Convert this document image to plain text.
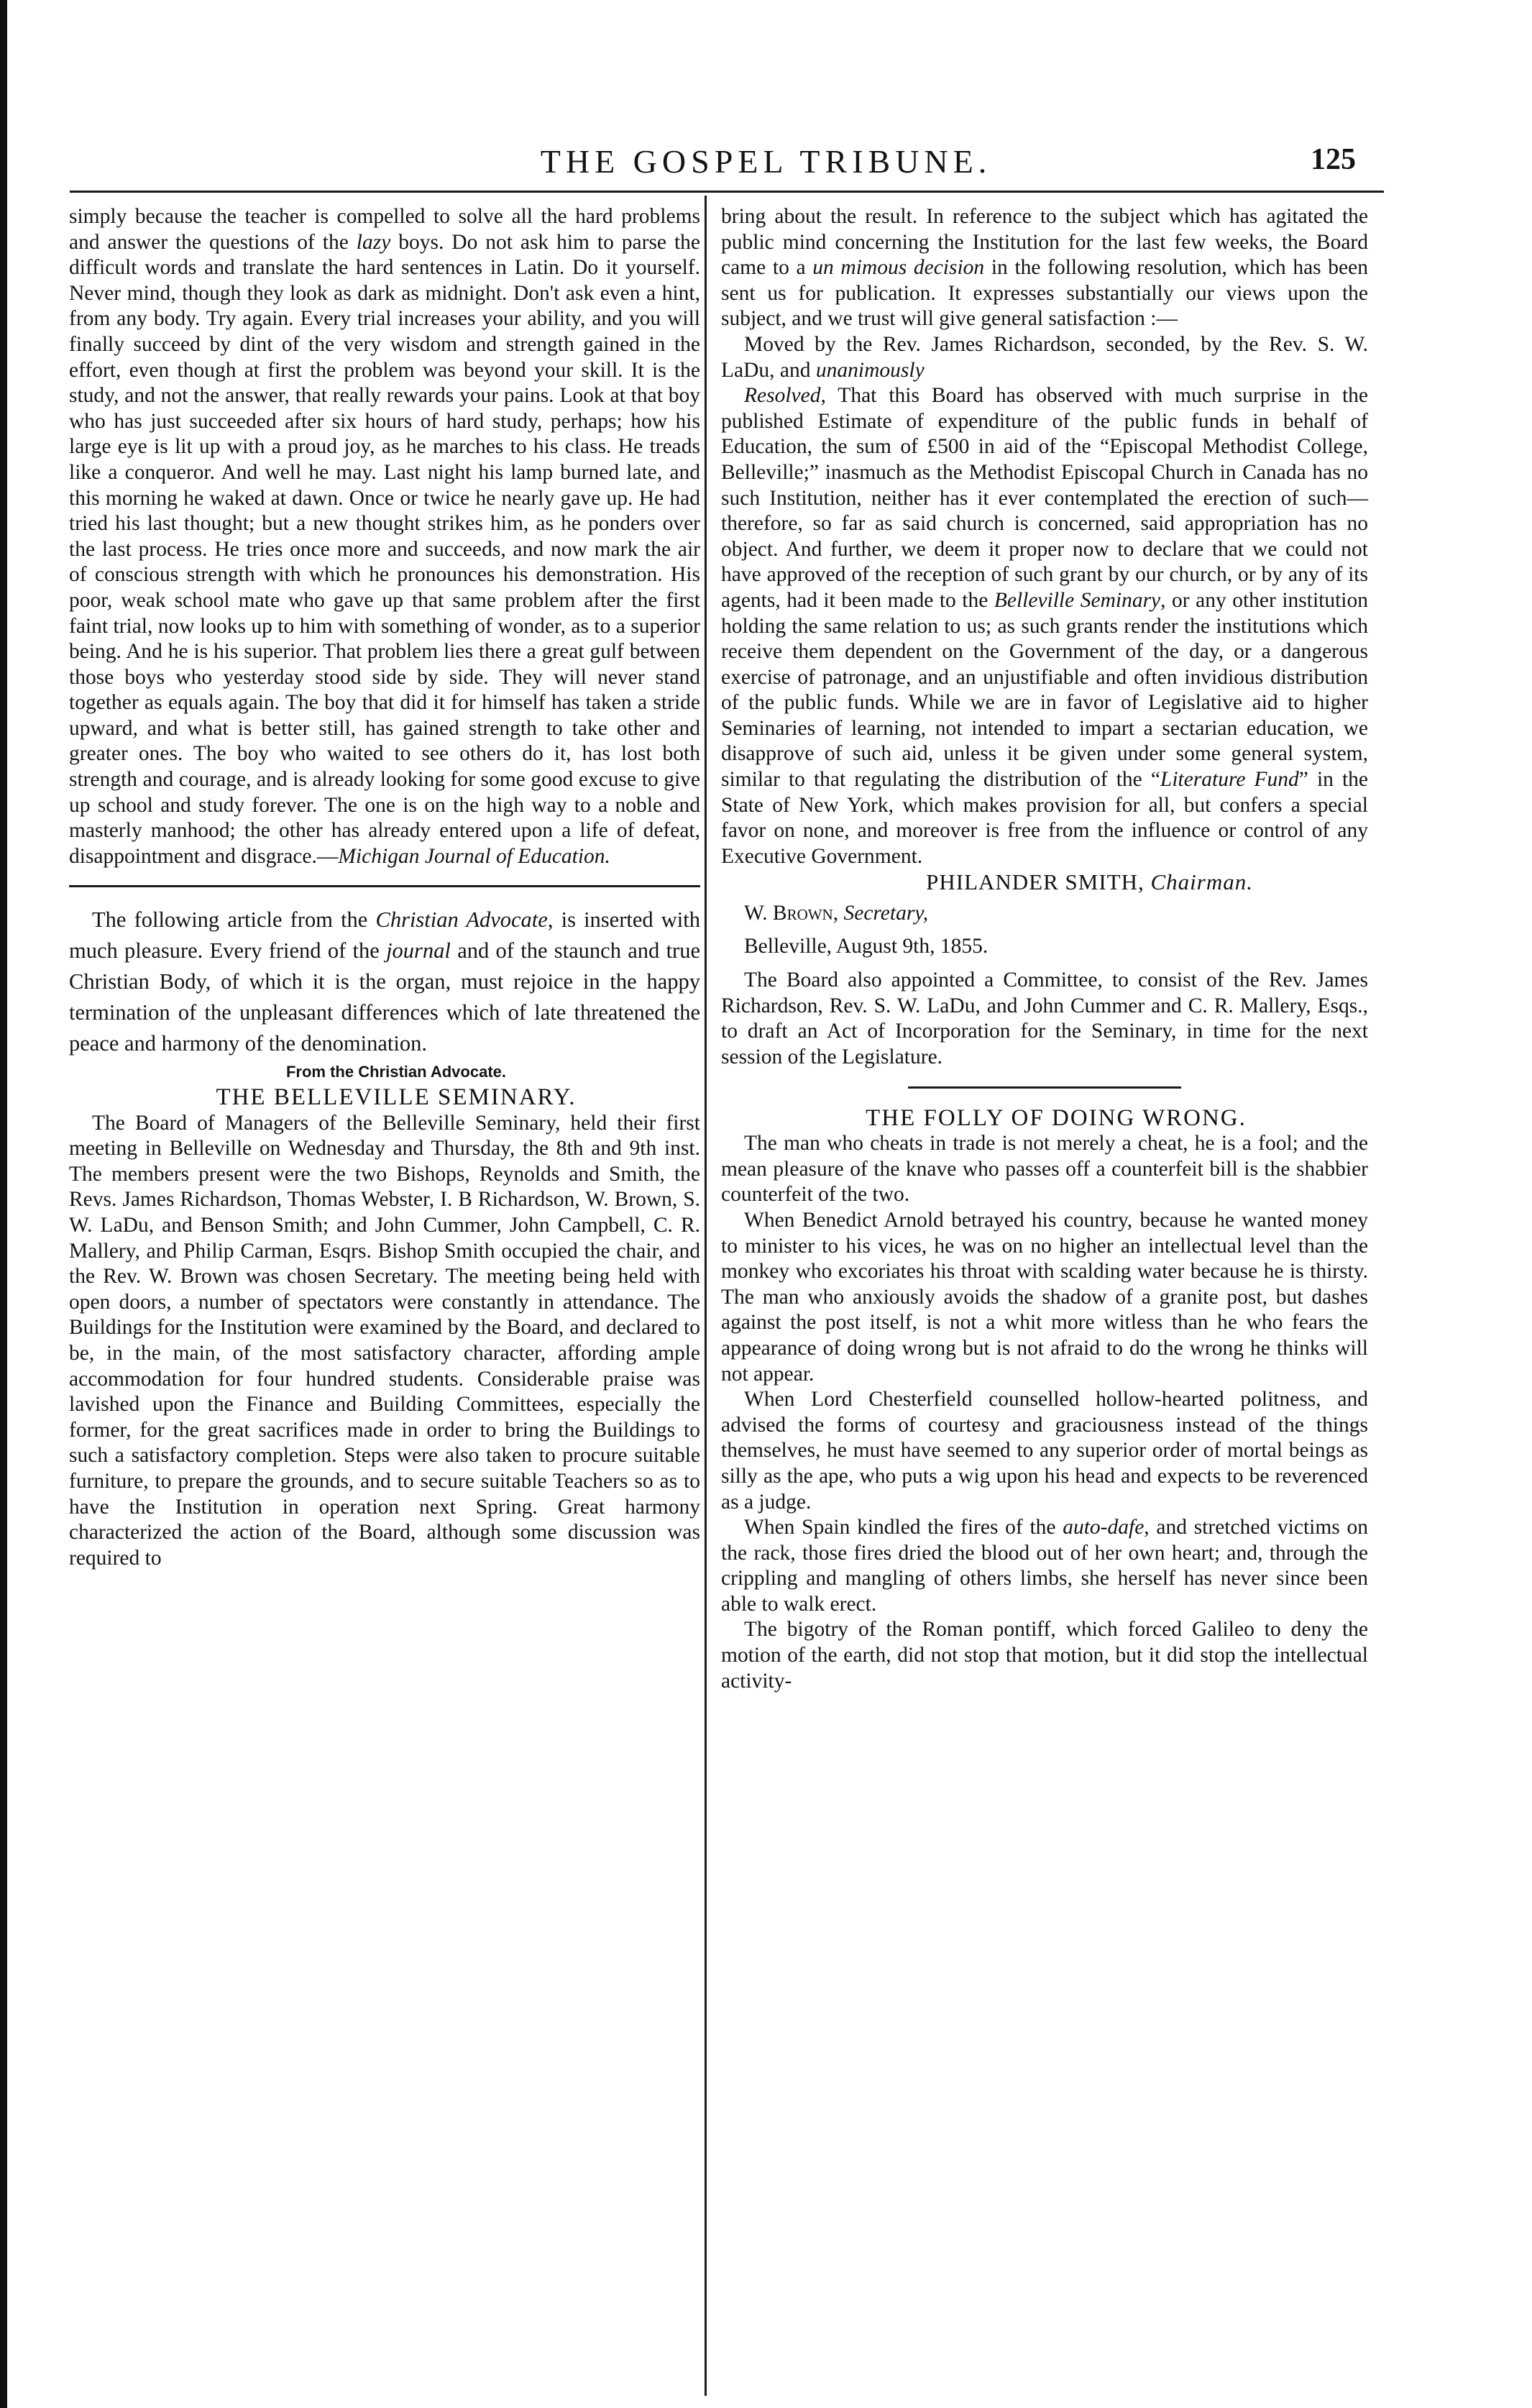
THE GOSPEL TRIBUNE.	125

simply because the teacher is compelled to solve all the hard problems and answer the questions of the lazy boys. Do not ask him to parse the difficult words and translate the hard sentences in Latin. Do it yourself. Never mind, though they look as dark as midnight. Don't ask even a hint, from any body. Try again. Every trial increases your ability, and you will finally succeed by dint of the very wisdom and strength gained in the effort, even though at first the problem was beyond your skill. It is the study, and not the answer, that really rewards your pains. Look at that boy who has just succeeded after six hours of hard study, perhaps; how his large eye is lit up with a proud joy, as he marches to his class. He treads like a conqueror. And well he may. Last night his lamp burned late, and this morning he waked at dawn. Once or twice he nearly gave up. He had tried his last thought; but a new thought strikes him, as he ponders over the last process. He tries once more and succeeds, and now mark the air of conscious strength with which he pronounces his demonstration. His poor, weak school mate who gave up that same problem after the first faint trial, now looks up to him with something of wonder, as to a superior being. And he is his superior. That problem lies there a great gulf between those boys who yesterday stood side by side. They will never stand together as equals again. The boy that did it for himself has taken a stride upward, and what is better still, has gained strength to take other and greater ones. The boy who waited to see others do it, has lost both strength and courage, and is already looking for some good excuse to give up school and study forever. The one is on the high way to a noble and masterly manhood; the other has already entered upon a life of defeat, disappointment and disgrace.—Michigan Journal of Education.

The following article from the Christian Advocate, is inserted with much pleasure. Every friend of the journal and of the staunch and true Christian Body, of which it is the organ, must rejoice in the happy termination of the unpleasant differences which of late threatened the peace and harmony of the denomination.

From the Christian Advocate.

THE BELLEVILLE SEMINARY.

The Board of Managers of the Belleville Seminary, held their first meeting in Belleville on Wednesday and Thursday, the 8th and 9th inst. The members present were the two Bishops, Reynolds and Smith, the Revs. James Richardson, Thomas Webster, I. B Richardson, W. Brown, S. W. LaDu, and Benson Smith; and John Cummer, John Campbell, C. R. Mallery, and Philip Carman, Esqrs. Bishop Smith occupied the chair, and the Rev. W. Brown was chosen Secretary. The meeting being held with open doors, a number of spectators were constantly in attendance. The Buildings for the Institution were examined by the Board, and declared to be, in the main, of the most satisfactory character, affording ample accommodation for four hundred students. Considerable praise was lavished upon the Finance and Building Committees, especially the former, for the great sacrifices made in order to bring the Buildings to such a satisfactory completion. Steps were also taken to procure suitable furniture, to prepare the grounds, and to secure suitable Teachers so as to have the Institution in operation next Spring. Great harmony characterized the action of the Board, although some discussion was required to

bring about the result. In reference to the subject which has agitated the public mind concerning the Institution for the last few weeks, the Board came to a un mimous decision in the following resolution, which has been sent us for publication. It expresses substantially our views upon the subject, and we trust will give general satisfaction :—

Moved by the Rev. James Richardson, seconded, by the Rev. S. W. LaDu, and unanimously

Resolved, That this Board has observed with much surprise in the published Estimate of expenditure of the public funds in behalf of Education, the sum of £500 in aid of the “Episcopal Methodist College, Belleville;” inasmuch as the Methodist Episcopal Church in Canada has no such Institution, neither has it ever contemplated the erection of such—therefore, so far as said church is concerned, said appropriation has no object. And further, we deem it proper now to declare that we could not have approved of the reception of such grant by our church, or by any of its agents, had it been made to the Belleville Seminary, or any other institution holding the same relation to us; as such grants render the institutions which receive them dependent on the Government of the day, or a dangerous exercise of patronage, and an unjustifiable and often invidious distribution of the public funds. While we are in favor of Legislative aid to higher Seminaries of learning, not intended to impart a sectarian education, we disapprove of such aid, unless it be given under some general system, similar to that regulating the distribution of the “Literature Fund” in the State of New York, which makes provision for all, but confers a special favor on none, and moreover is free from the influence or control of any Executive Government.

PHILANDER SMITH, Chairman.

W. Brown, Secretary,

Belleville, August 9th, 1855.

The Board also appointed a Committee, to consist of the Rev. James Richardson, Rev. S. W. LaDu, and John Cummer and C. R. Mallery, Esqs., to draft an Act of Incorporation for the Seminary, in time for the next session of the Legislature.

THE FOLLY OF DOING WRONG.

The man who cheats in trade is not merely a cheat, he is a fool; and the mean pleasure of the knave who passes off a counterfeit bill is the shabbier counterfeit of the two.

When Benedict Arnold betrayed his country, because he wanted money to minister to his vices, he was on no higher an intellectual level than the monkey who excoriates his throat with scalding water because he is thirsty. The man who anxiously avoids the shadow of a granite post, but dashes against the post itself, is not a whit more witless than he who fears the appearance of doing wrong but is not afraid to do the wrong he thinks will not appear.

When Lord Chesterfield counselled hollow-hearted politness, and advised the forms of courtesy and graciousness instead of the things themselves, he must have seemed to any superior order of mortal beings as silly as the ape, who puts a wig upon his head and expects to be reverenced as a judge.

When Spain kindled the fires of the auto-dafe, and stretched victims on the rack, those fires dried the blood out of her own heart; and, through the crippling and mangling of others limbs, she herself has never since been able to walk erect.

The bigotry of the Roman pontiff, which forced Galileo to deny the motion of the earth, did not stop that motion, but it did stop the intellectual activity-
